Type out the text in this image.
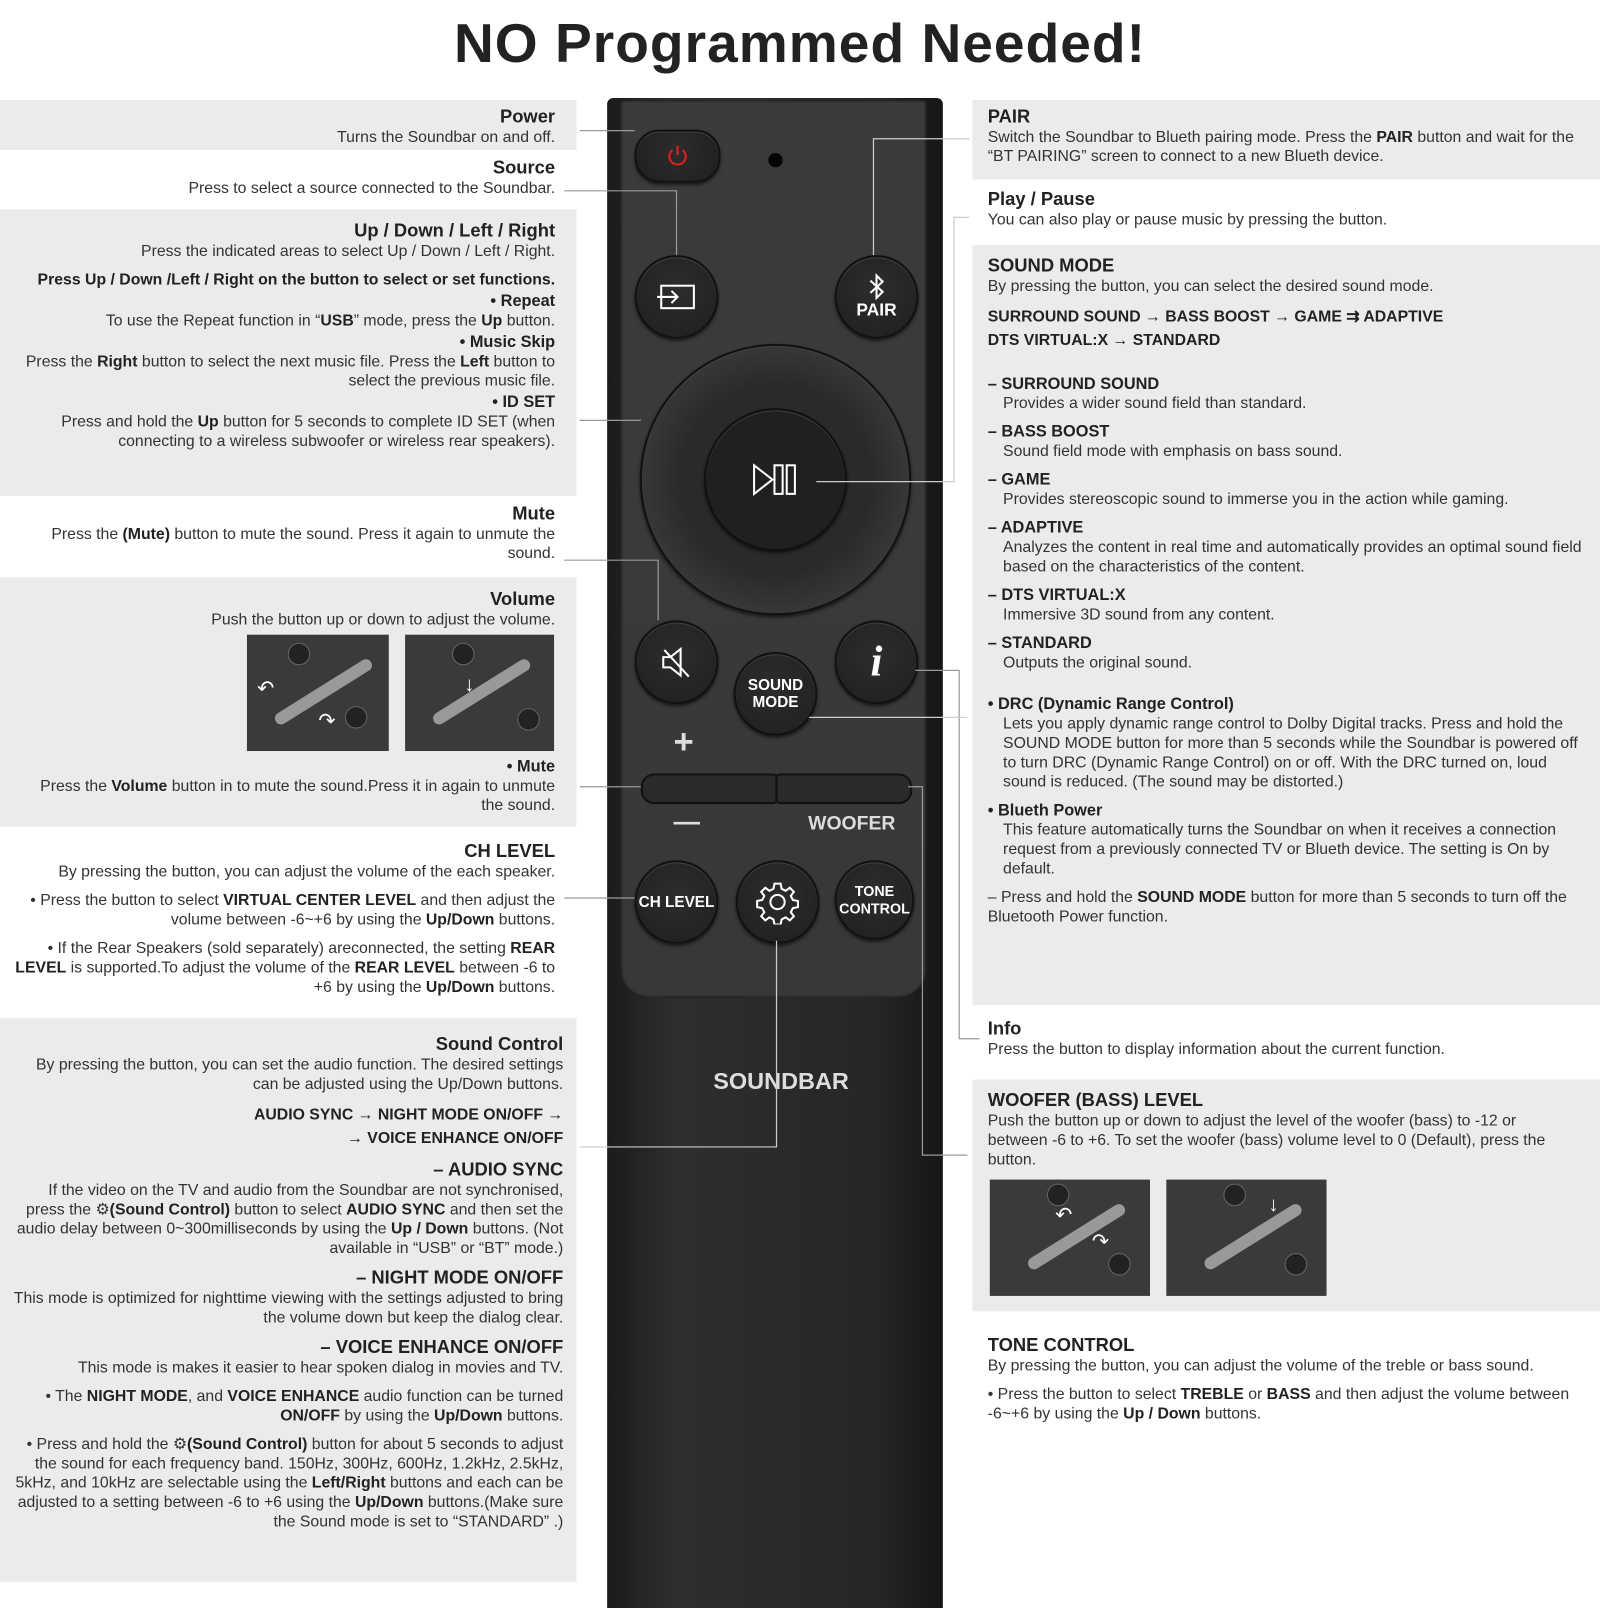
NO Programmed Needed!
Power
Turns the Soundbar on and off.
Source
Press to select a source connected to the Soundbar.
Up / Down / Left / Right
Press the indicated areas to select Up / Down / Left / Right.
Press Up / Down /Left / Right on the button to select or set functions.
• Repeat
To use the Repeat function in “USB” mode, press the Up button.
• Music Skip
Press the Right button to select the next music file. Press the Left button to select the previous music file.
• ID SET
Press and hold the Up button for 5 seconds to complete ID SET (when connecting to a wireless subwoofer or wireless rear speakers).
Mute
Press the (Mute) button to mute the sound. Press it again to unmute the sound.
Volume
Push the button up or down to adjust the volume.
• Mute
Press the Volume button in to mute the sound.Press it in again to unmute the sound.
CH LEVEL
By pressing the button, you can adjust the volume of the each speaker.
• Press the button to select VIRTUAL CENTER LEVEL and then adjust the volume between -6~+6 by using the Up/Down buttons.
• If the Rear Speakers (sold separately) areconnected, the setting REAR LEVEL is supported.To adjust the volume of the REAR LEVEL between -6 to +6 by using the Up/Down buttons.
Sound Control
By pressing the button, you can set the audio function. The desired settings can be adjusted using the Up/Down buttons.
AUDIO SYNC → NIGHT MODE ON/OFF →
→ VOICE ENHANCE ON/OFF
– AUDIO SYNC
If the video on the TV and audio from the Soundbar are not synchronised, press the ⚙(Sound Control) button to select AUDIO SYNC and then set the audio delay between 0~300milliseconds by using the Up / Down buttons. (Not available in “USB” or “BT” mode.)
– NIGHT MODE ON/OFF
This mode is optimized for nighttime viewing with the settings adjusted to bring the volume down but keep the dialog clear.
– VOICE ENHANCE ON/OFF
This mode is makes it easier to hear spoken dialog in movies and TV.
• The NIGHT MODE, and VOICE ENHANCE audio function can be turned ON/OFF by using the Up/Down buttons.
• Press and hold the ⚙(Sound Control) button for about 5 seconds to adjust the sound for each frequency band. 150Hz, 300Hz, 600Hz, 1.2kHz, 2.5kHz, 5kHz, and 10kHz are selectable using the Left/Right buttons and each can be adjusted to a setting between -6 to +6 using the Up/Down buttons.(Make sure the Sound mode is set to “STANDARD” .)
↶
↷
↓
PAIR
Switch the Soundbar to Blueth pairing mode. Press the PAIR button and wait for the “BT PAIRING” screen to connect to a new Blueth device.
Play / Pause
You can also play or pause music by pressing the button.
SOUND MODE
By pressing the button, you can select the desired sound mode.
SURROUND SOUND → BASS BOOST → GAME ⇉ ADAPTIVE
DTS VIRTUAL:X → STANDARD
– SURROUND SOUND
Provides a wider sound field than standard.
– BASS BOOST
Sound field mode with emphasis on bass sound.
– GAME
Provides stereoscopic sound to immerse you in the action while gaming.
– ADAPTIVE
Analyzes the content in real time and automatically provides an optimal sound field based on the characteristics of the content.
– DTS VIRTUAL:X
Immersive 3D sound from any content.
– STANDARD
Outputs the original sound.
• DRC (Dynamic Range Control)
Lets you apply dynamic range control to Dolby Digital tracks. Press and hold the SOUND MODE button for more than 5 seconds while the Soundbar is powered off to turn DRC (Dynamic Range Control) on or off. With the DRC turned on, loud sound is reduced. (The sound may be distorted.)
• Blueth Power
This feature automatically turns the Soundbar on when it receives a connection request from a previously connected TV or Blueth device. The setting is On by default.
– Press and hold the SOUND MODE button for more than 5 seconds to turn off the Bluetooth Power function.
Info
Press the button to display information about the current function.
WOOFER (BASS) LEVEL
Push the button up or down to adjust the level of the woofer (bass) to -12 or between -6 to +6. To set the woofer (bass) volume level to 0 (Default), press the button.
TONE CONTROL
By pressing the button, you can adjust the volume of the treble or bass sound.
• Press the button to select TREBLE or BASS and then adjust the volume between -6~+6 by using the Up / Down buttons.
↶
↷
↓
PAIR
SOUND MODE
i
+
—	WOOFER
CH LEVEL
TONE CONTROL
SOUNDBAR
